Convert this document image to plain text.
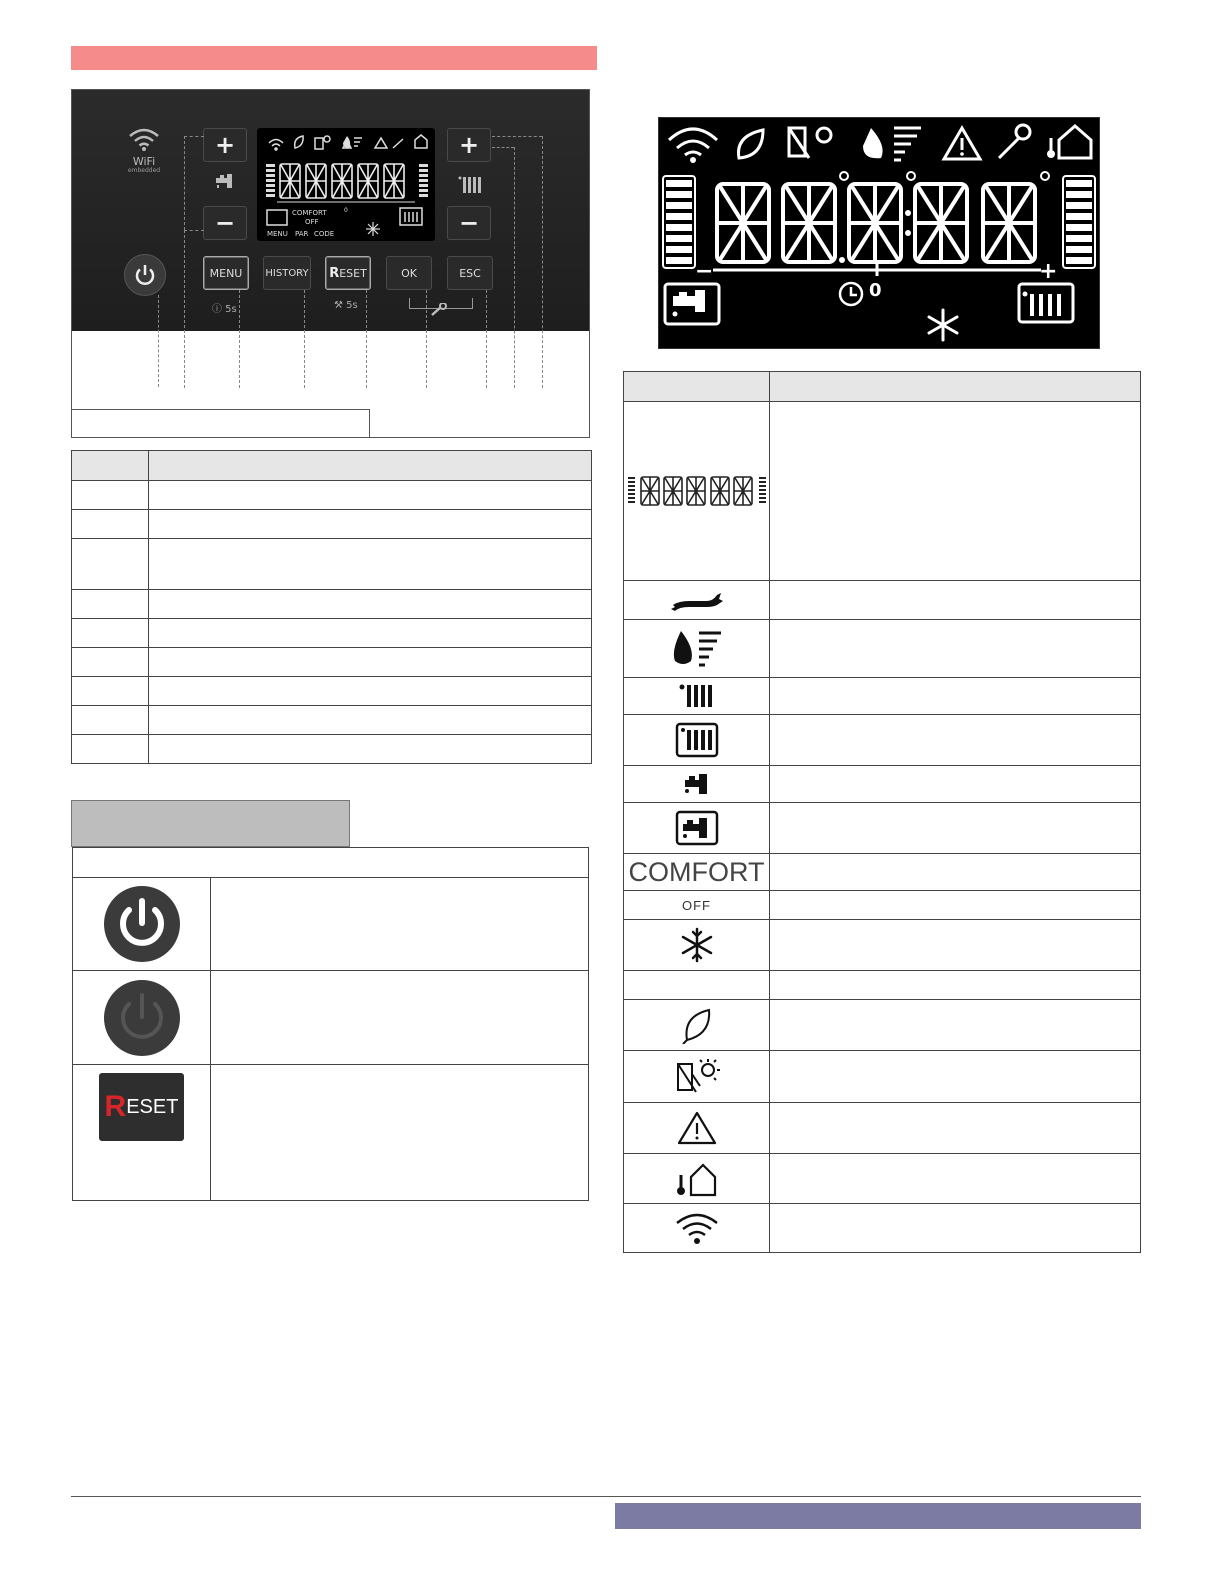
WiFi
embedded
+
−
+
−
MENU	HISTORY R ESET	OK	ESC
ⓘ 5s	⚒ 5s
COMFORT
OFF
MENU PAR CODE
0

R ESET	

−	+
0

COMFORT	

OFF	
